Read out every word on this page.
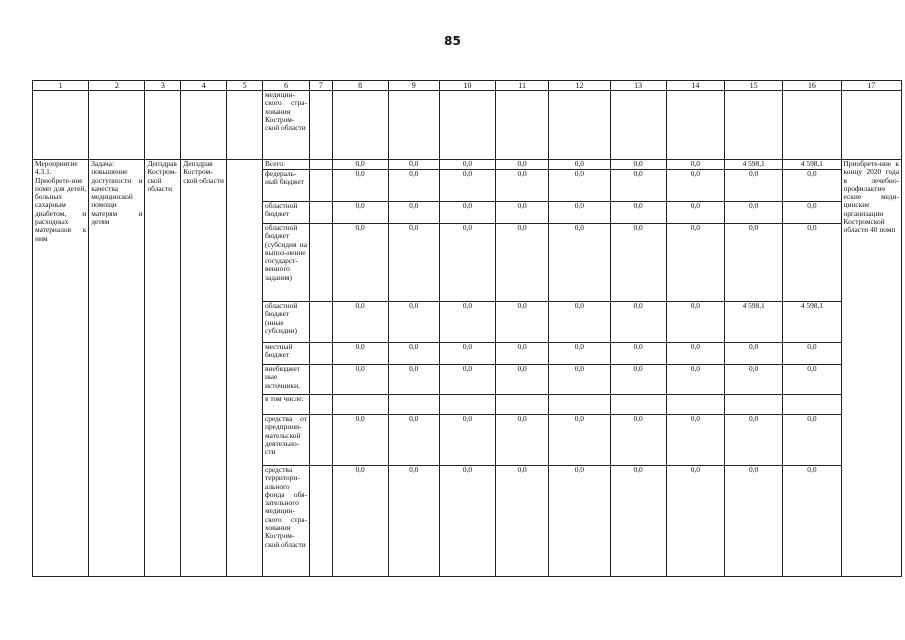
85
1	2	3	4	5	6	7	8	9	10	11	12	13	14	15	16	17
					медицин-ского стра-хования Костром-ской области											
Мероприятие 4.3.1. Приобрете-ние помп для детей, больных сахарным диабетом, и расходных материалов к ним	Задача: повышение доступности и качества медицинской помощи матерям и детям	Депздрав Костром-ской области	Депздрав Костром-ской области		Всего:		0,0	0,0	0,0	0,0	0,0	0,0	0,0	4 598,1	4 598,1	Приобрете-ние к концу 2020 года в лечебно-профилактич еские меди-цинские организации Костромской области 40 помп
					федераль-ный бюджет		0,0	0,0	0,0	0,0	0,0	0,0	0,0	0,0	0,0	
					областной бюджет		0,0	0,0	0,0	0,0	0,0	0,0	0,0	0,0	0,0	
					областной бюджет (субсидия на выпол-нение государст-венного задания)		0,0	0,0	0,0	0,0	0,0	0,0	0,0	0,0	0,0	
					областной бюджет (иные субсидии)		0,0	0,0	0,0	0,0	0,0	0,0	0,0	4 598,1	4 598,1	
					местный бюджет		0,0	0,0	0,0	0,0	0,0	0,0	0,0	0,0	0,0	
					внебюджет ные источники,		0,0	0,0	0,0	0,0	0,0	0,0	0,0	0,0	0,0	
					в том числе:											
					средства от предприни-мательской деятельно-сти		0,0	0,0	0,0	0,0	0,0	0,0	0,0	0,0	0,0	
					средства территори-ального фонда обя-зательного медицин-ского стра-хования Костром-ской области		0,0	0,0	0,0	0,0	0,0	0,0	0,0	0,0	0,0	
